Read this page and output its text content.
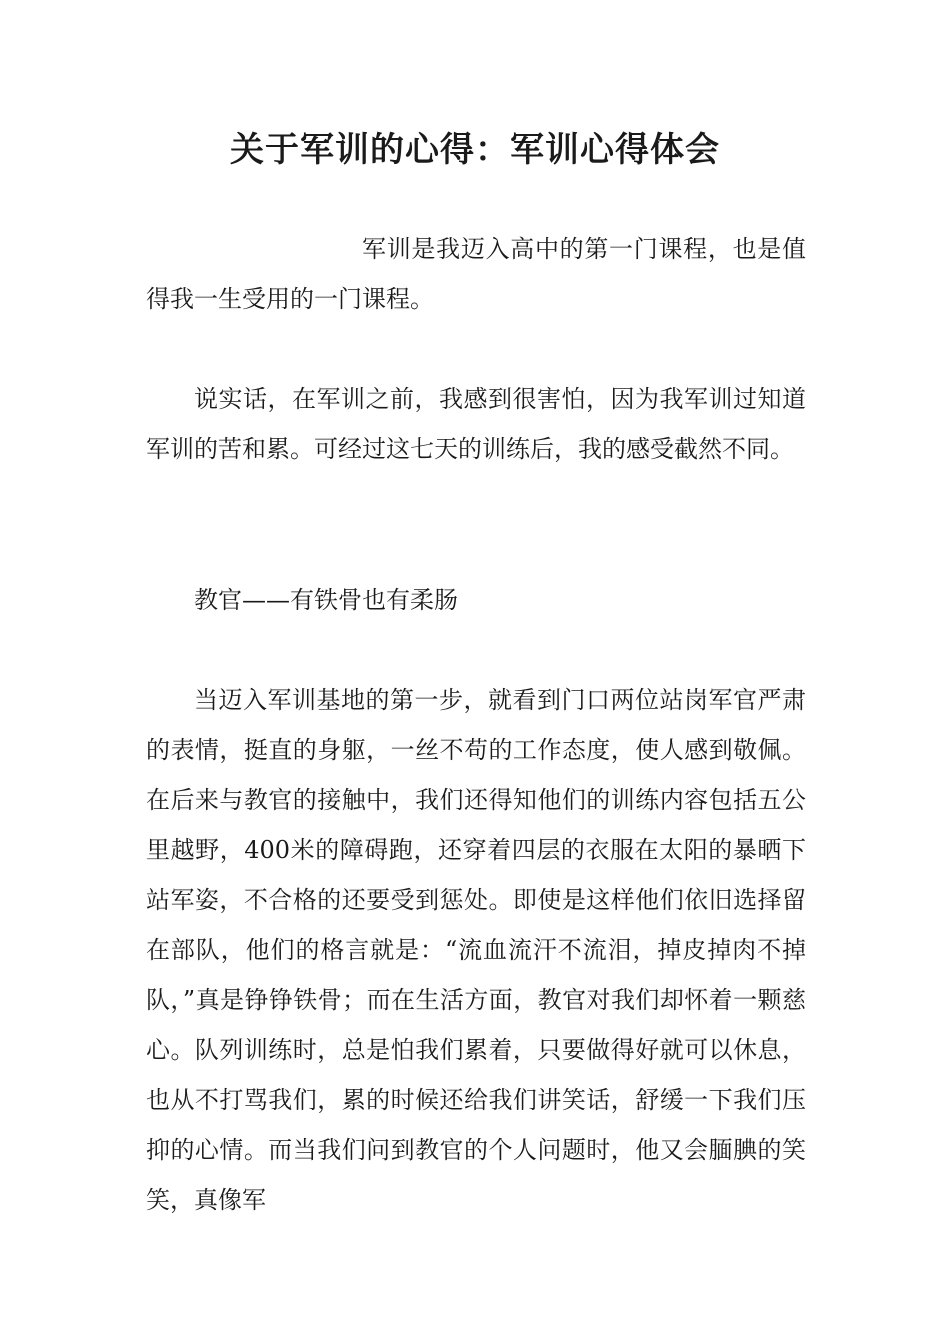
关于军训的心得：军训心得体会

军训是我迈入高中的第一门课程，也是值得我一生受用的一门课程。

说实话，在军训之前，我感到很害怕，因为我军训过知道军训的苦和累。可经过这七天的训练后，我的感受截然不同。

教官——有铁骨也有柔肠

当迈入军训基地的第一步，就看到门口两位站岗军官严肃的表情，挺直的身躯，一丝不苟的工作态度，使人感到敬佩。在后来与教官的接触中，我们还得知他们的训练内容包括五公里越野，400米的障碍跑，还穿着四层的衣服在太阳的暴晒下站军姿，不合格的还要受到惩处。即使是这样他们依旧选择留在部队，他们的格言就是：“流血流汗不流泪，掉皮掉肉不掉队，”真是铮铮铁骨；而在生活方面，教官对我们却怀着一颗慈心。队列训练时，总是怕我们累着，只要做得好就可以休息，也从不打骂我们，累的时候还给我们讲笑话，舒缓一下我们压抑的心情。而当我们问到教官的个人问题时，他又会腼腆的笑笑，真像军
